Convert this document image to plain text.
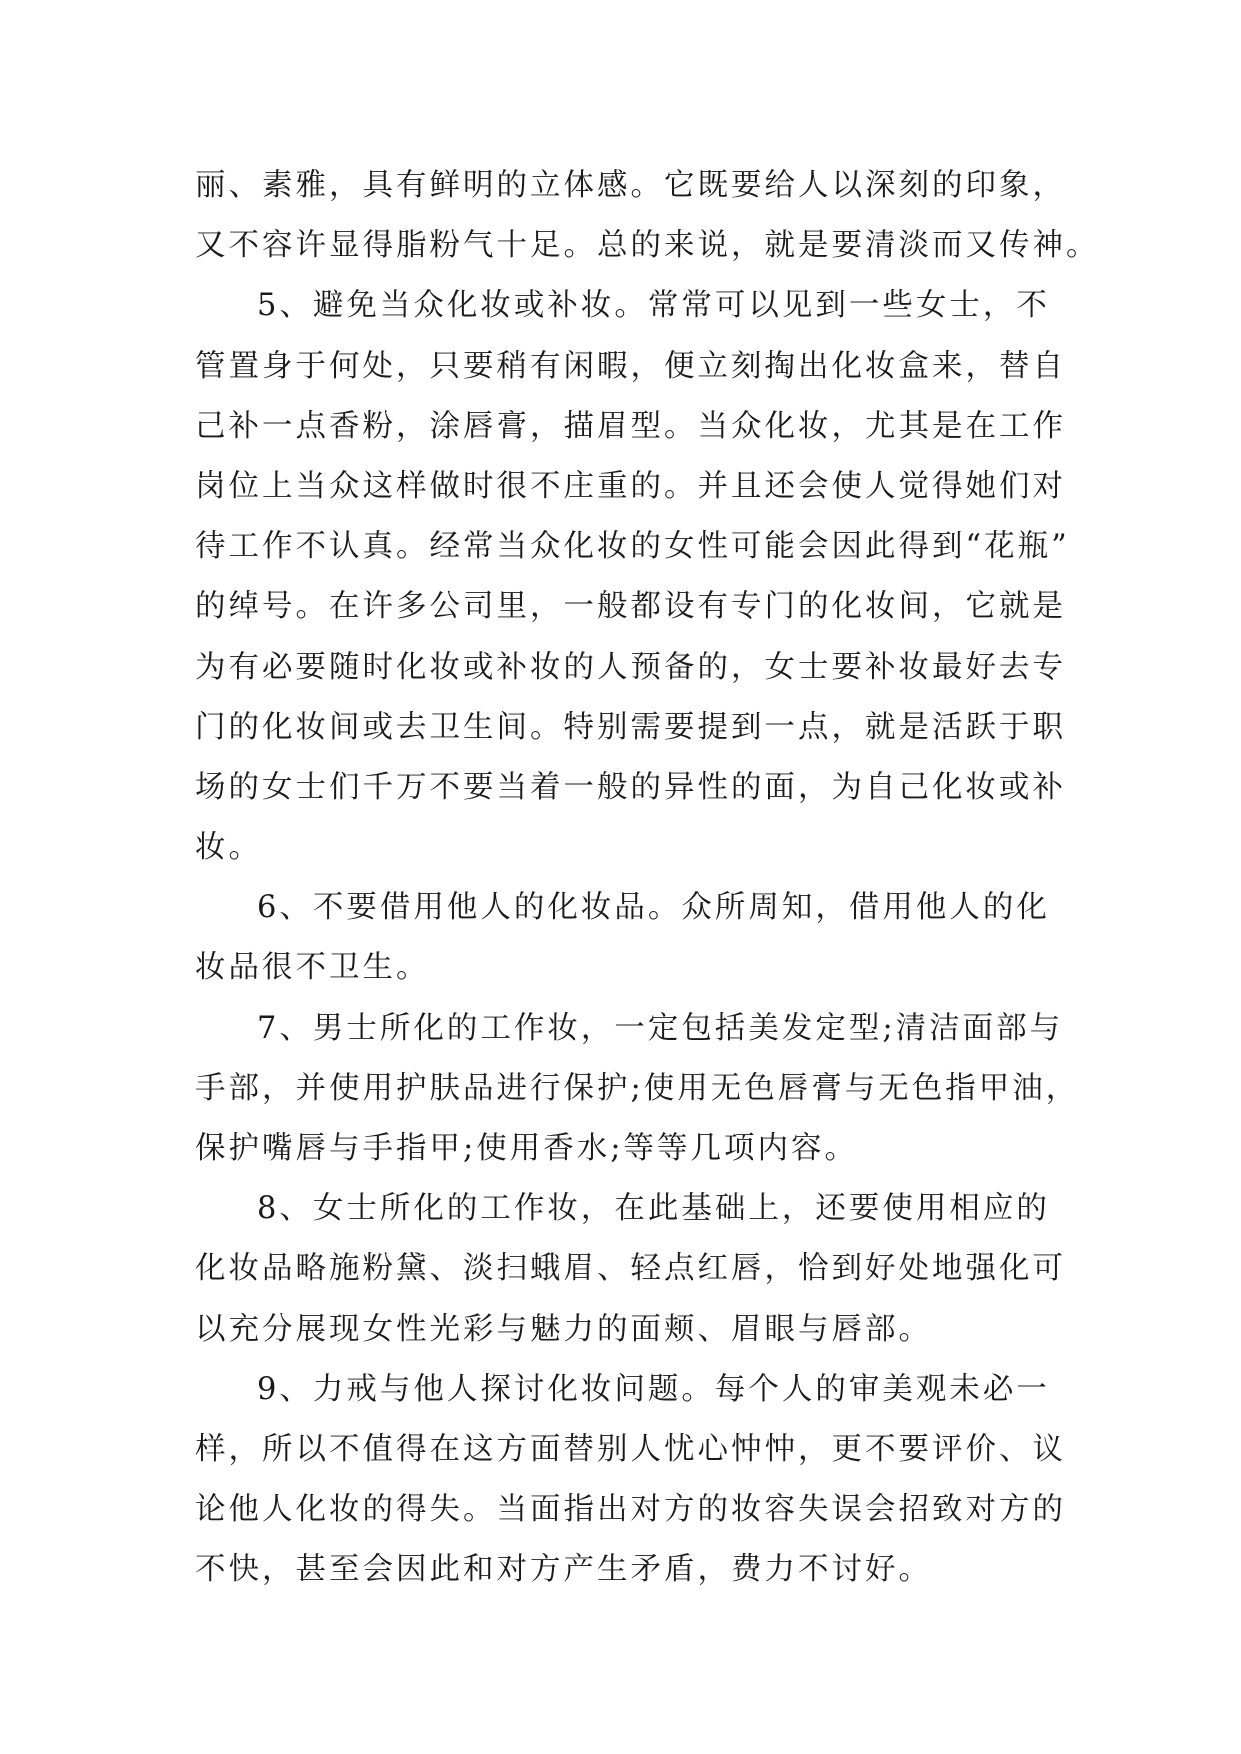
丽、素雅，具有鲜明的立体感。它既要给人以深刻的印象，
又不容许显得脂粉气十足。总的来说，就是要清淡而又传神。
5、避免当众化妆或补妆。常常可以见到一些女士，不
管置身于何处，只要稍有闲暇，便立刻掏出化妆盒来，替自
己补一点香粉，涂唇膏，描眉型。当众化妆，尤其是在工作
岗位上当众这样做时很不庄重的。并且还会使人觉得她们对
待工作不认真。经常当众化妆的女性可能会因此得到“花瓶”
的绰号。在许多公司里，一般都设有专门的化妆间，它就是
为有必要随时化妆或补妆的人预备的，女士要补妆最好去专
门的化妆间或去卫生间。特别需要提到一点，就是活跃于职
场的女士们千万不要当着一般的异性的面，为自己化妆或补
妆。
6、不要借用他人的化妆品。众所周知，借用他人的化
妆品很不卫生。
7、男士所化的工作妆，一定包括美发定型;清洁面部与
手部，并使用护肤品进行保护;使用无色唇膏与无色指甲油，
保护嘴唇与手指甲;使用香水;等等几项内容。
8、女士所化的工作妆，在此基础上，还要使用相应的
化妆品略施粉黛、淡扫蛾眉、轻点红唇，恰到好处地强化可
以充分展现女性光彩与魅力的面颊、眉眼与唇部。
9、力戒与他人探讨化妆问题。每个人的审美观未必一
样，所以不值得在这方面替别人忧心忡忡，更不要评价、议
论他人化妆的得失。当面指出对方的妆容失误会招致对方的
不快，甚至会因此和对方产生矛盾，费力不讨好。
